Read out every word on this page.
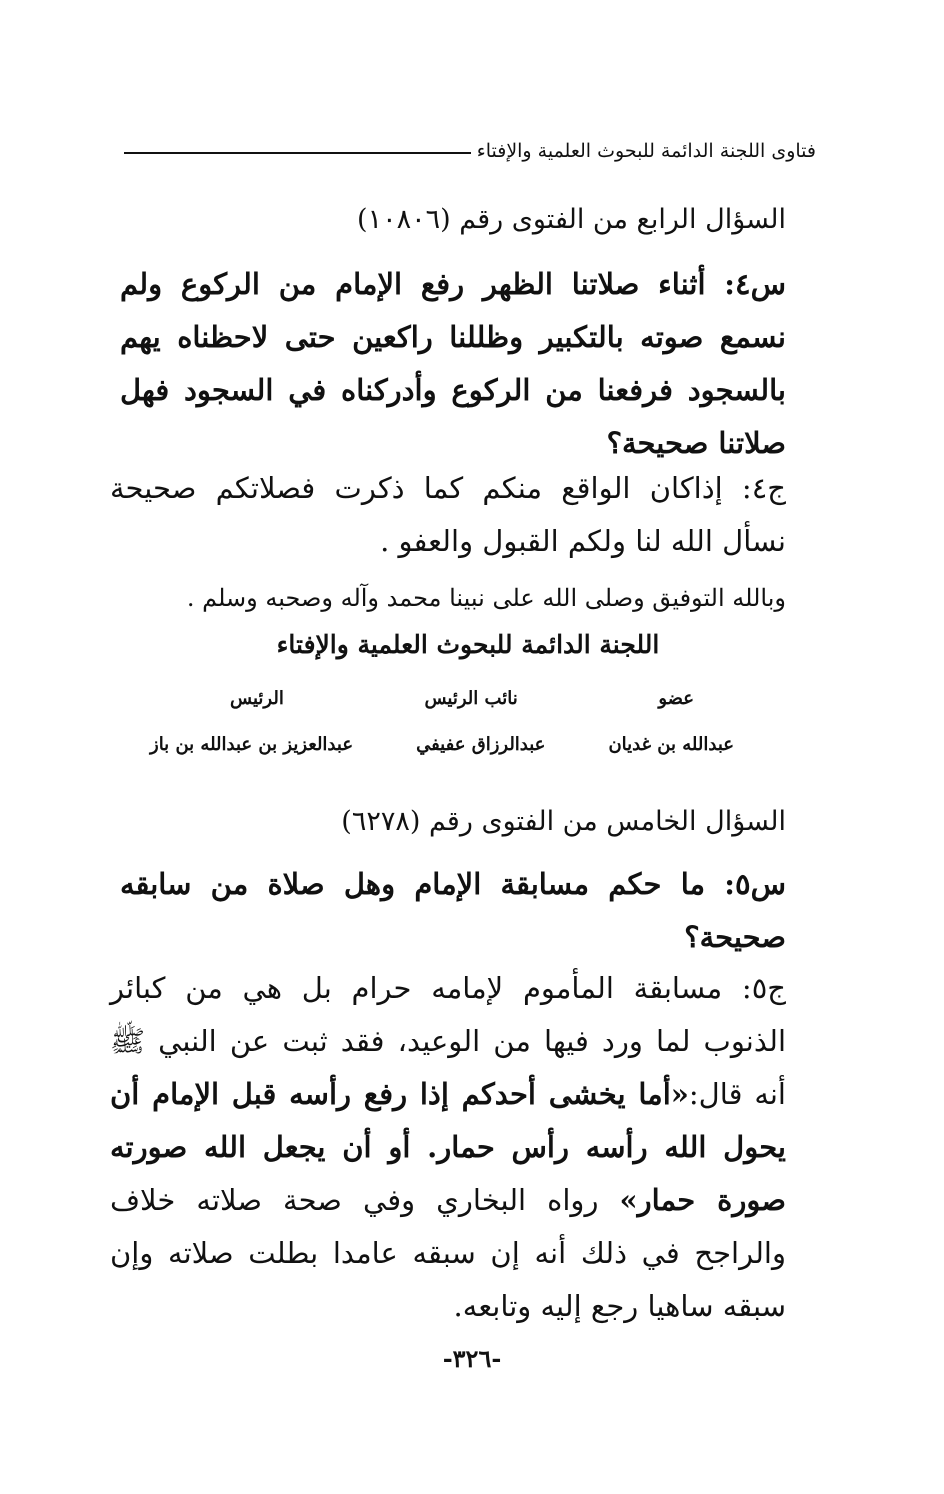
فتاوى اللجنة الدائمة للبحوث العلمية والإفتاء
السؤال الرابع من الفتوى رقم (١٠٨٠٦)
س٤: أثناء صلاتنا الظهر رفع الإمام من الركوع ولم نسمع صوته بالتكبير وظللنا راكعين حتى لاحظناه يهم بالسجود فرفعنا من الركوع وأدركناه في السجود فهل صلاتنا صحيحة؟
ج٤: إذاكان الواقع منكم كما ذكرت فصلاتكم صحيحة نسأل الله لنا ولكم القبول والعفو .
وبالله التوفيق وصلى الله على نبينا محمد وآله وصحبه وسلم .
اللجنة الدائمة للبحوث العلمية والإفتاء
عضو
نائب الرئيس
الرئيس
عبدالله بن غديان
عبدالرزاق عفيفي
عبدالعزيز بن عبدالله بن باز
السؤال الخامس من الفتوى رقم (٦٢٧٨)
س٥: ما حكم مسابقة الإمام وهل صلاة من سابقه صحيحة؟
ج٥: مسابقة المأموم لإمامه حرام بل هي من كبائر الذنوب لما ورد فيها من الوعيد، فقد ثبت عن النبي ﷺ أنه قال:«أما يخشى أحدكم إذا رفع رأسه قبل الإمام أن يحول الله رأسه رأس حمار. أو أن يجعل الله صورته صورة حمار» رواه البخاري وفي صحة صلاته خلاف والراجح في ذلك أنه إن سبقه عامدا بطلت صلاته وإن سبقه ساهيا رجع إليه وتابعه.
-٣٢٦-
